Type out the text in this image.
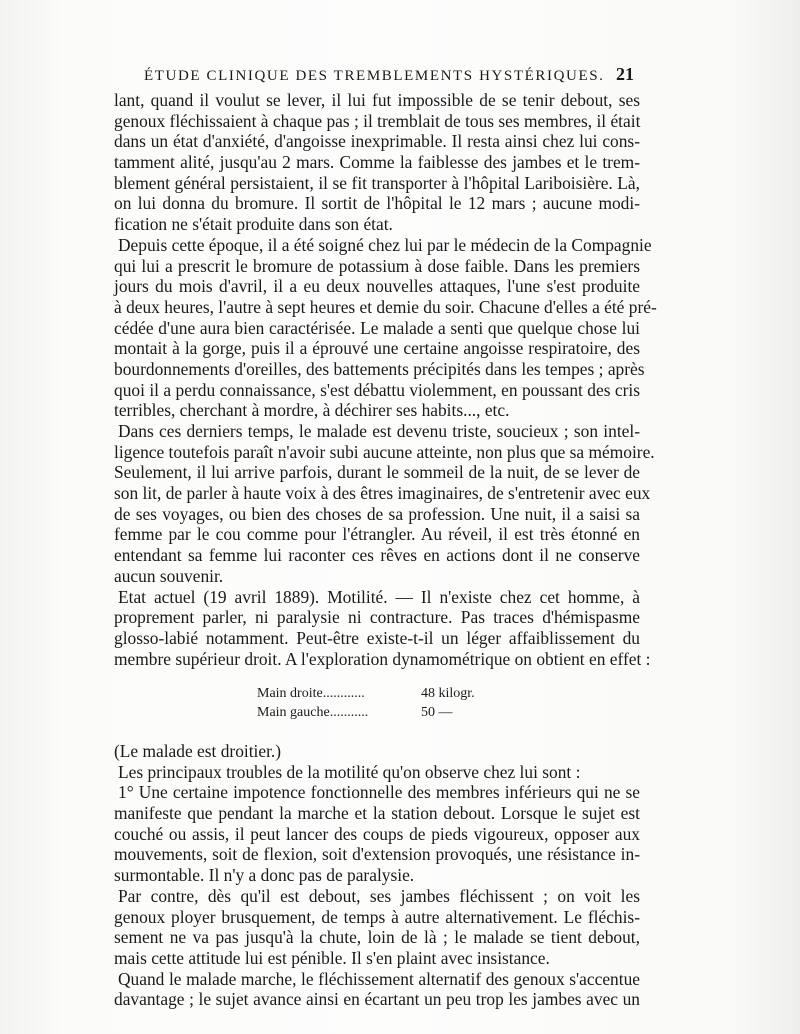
ÉTUDE CLINIQUE DES TREMBLEMENTS HYSTÉRIQUES. 21
lant, quand il voulut se lever, il lui fut impossible de se tenir debout, ses
genoux fléchissaient à chaque pas ; il tremblait de tous ses membres, il était
dans un état d'anxiété, d'angoisse inexprimable. Il resta ainsi chez lui cons-
tamment alité, jusqu'au 2 mars. Comme la faiblesse des jambes et le trem-
blement général persistaient, il se fit transporter à l'hôpital Lariboisière. Là,
on lui donna du bromure. Il sortit de l'hôpital le 12 mars ; aucune modi-
fication ne s'était produite dans son état.
Depuis cette époque, il a été soigné chez lui par le médecin de la Compagnie
qui lui a prescrit le bromure de potassium à dose faible. Dans les premiers
jours du mois d'avril, il a eu deux nouvelles attaques, l'une s'est produite
à deux heures, l'autre à sept heures et demie du soir. Chacune d'elles a été pré-
cédée d'une aura bien caractérisée. Le malade a senti que quelque chose lui
montait à la gorge, puis il a éprouvé une certaine angoisse respiratoire, des
bourdonnements d'oreilles, des battements précipités dans les tempes ; après
quoi il a perdu connaissance, s'est débattu violemment, en poussant des cris
terribles, cherchant à mordre, à déchirer ses habits..., etc.
Dans ces derniers temps, le malade est devenu triste, soucieux ; son intel-
ligence toutefois paraît n'avoir subi aucune atteinte, non plus que sa mémoire.
Seulement, il lui arrive parfois, durant le sommeil de la nuit, de se lever de
son lit, de parler à haute voix à des êtres imaginaires, de s'entretenir avec eux
de ses voyages, ou bien des choses de sa profession. Une nuit, il a saisi sa
femme par le cou comme pour l'étrangler. Au réveil, il est très étonné en
entendant sa femme lui raconter ces rêves en actions dont il ne conserve
aucun souvenir.
Etat actuel (19 avril 1889). Motilité. — Il n'existe chez cet homme, à
proprement parler, ni paralysie ni contracture. Pas traces d'hémispasme
glosso-labié notamment. Peut-être existe-t-il un léger affaiblissement du
membre supérieur droit. A l'exploration dynamométrique on obtient en effet :
Main droite............	48 kilogr.
Main gauche...........	50 —
(Le malade est droitier.)
Les principaux troubles de la motilité qu'on observe chez lui sont :
1° Une certaine impotence fonctionnelle des membres inférieurs qui ne se
manifeste que pendant la marche et la station debout. Lorsque le sujet est
couché ou assis, il peut lancer des coups de pieds vigoureux, opposer aux
mouvements, soit de flexion, soit d'extension provoqués, une résistance in-
surmontable. Il n'y a donc pas de paralysie.
Par contre, dès qu'il est debout, ses jambes fléchissent ; on voit les
genoux ployer brusquement, de temps à autre alternativement. Le fléchis-
sement ne va pas jusqu'à la chute, loin de là ; le malade se tient debout,
mais cette attitude lui est pénible. Il s'en plaint avec insistance.
Quand le malade marche, le fléchissement alternatif des genoux s'accentue
davantage ; le sujet avance ainsi en écartant un peu trop les jambes avec un
